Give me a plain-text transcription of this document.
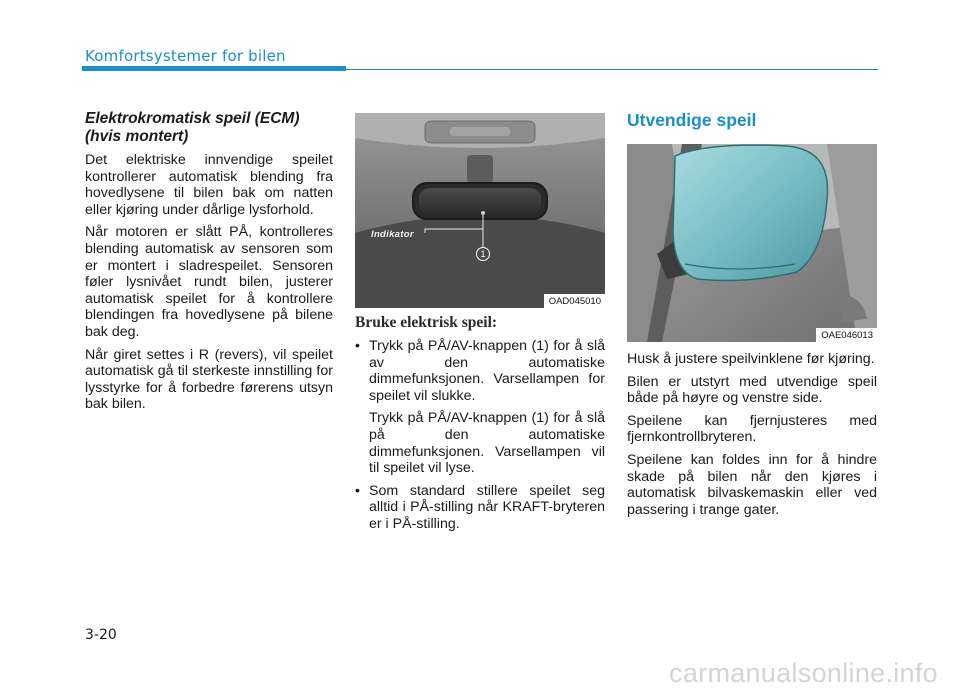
Komfortsystemer for bilen
Elektrokromatisk speil (ECM) (hvis montert)

Det elektriske innvendige speilet kontrollerer automatisk blending fra hovedlysene til bilen bak om natten eller kjøring under dårlige lysforhold.

Når motoren er slått PÅ, kontrolleres blending automatisk av sensoren som er montert i sladrespeilet. Sensoren føler lysnivået rundt bilen, justerer automatisk speilet for å kontrollere blendingen fra hovedlysene på bilene bak deg.

Når giret settes i R (revers), vil speilet automatisk gå til sterkeste innstilling for lysstyrke for å forbedre førerens utsyn bak bilen.

Indikator
1
OAD045010
Bruke elektrisk speil:
• Trykk på PÅ/AV-knappen (1) for å slå av den automatiske dimmefunksjonen. Varsellampen for speilet vil slukke.
Trykk på PÅ/AV-knappen (1) for å slå på den automatiske dimmefunksjonen. Varsellampen vil til speilet vil lyse.
• Som standard stillere speilet seg alltid i PÅ-stilling når KRAFT-bryteren er i PÅ-stilling.
Utvendige speil
OAE046013

Husk å justere speilvinklene før kjøring.

Bilen er utstyrt med utvendige speil både på høyre og venstre side.

Speilene kan fjernjusteres med fjernkontrollbryteren.

Speilene kan foldes inn for å hindre skade på bilen når den kjøres i automatisk bilvaskemaskin eller ved passering i trange gater.

3-20
carmanualsonline.info
